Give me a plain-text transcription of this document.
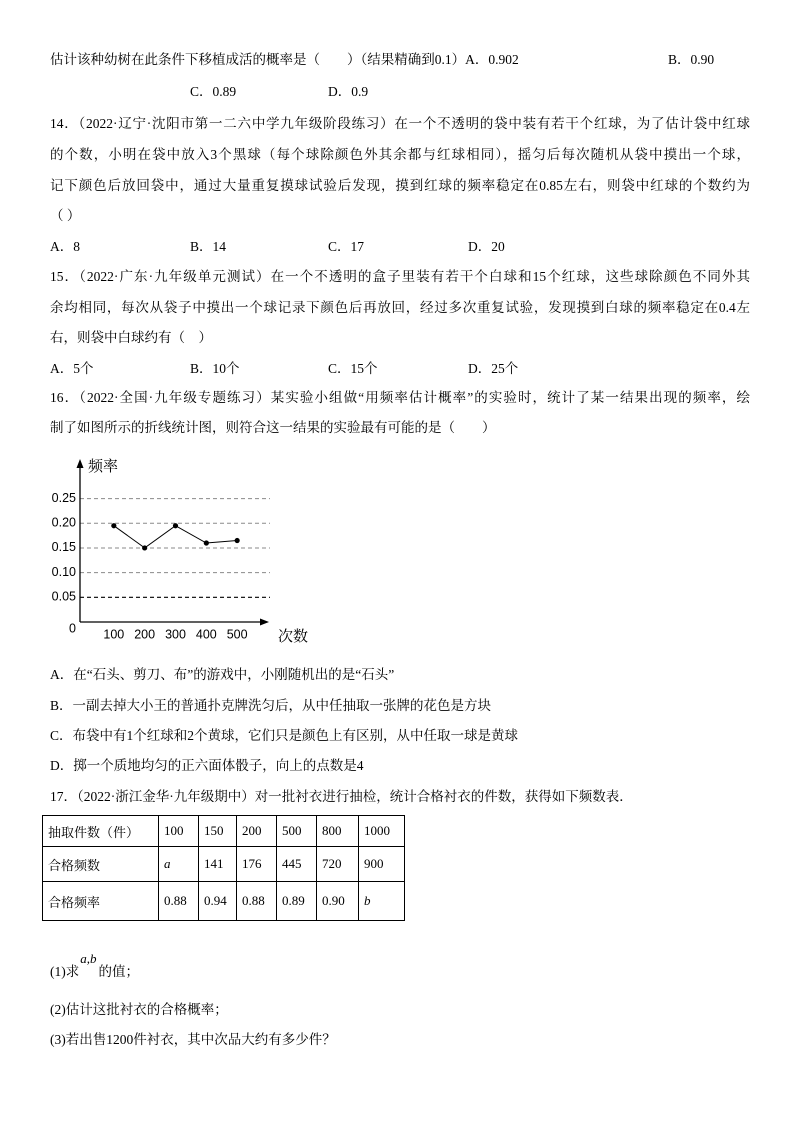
估计该种幼树在此条件下移植成活的概率是（　　）（结果精确到0.1）A．0.902	B．0.90
C．0.89	D．0.9
14．（2022·辽宁·沈阳市第一二六中学九年级阶段练习）在一个不透明的袋中装有若干个红球，为了估计袋中红球
的个数，小明在袋中放入3个黑球（每个球除颜色外其余都与红球相同），摇匀后每次随机从袋中摸出一个球，
记下颜色后放回袋中，通过大量重复摸球试验后发现，摸到红球的频率稳定在0.85左右，则袋中红球的个数约为
（ ）
A．8	B．14	C．17	D．20
15．（2022·广东·九年级单元测试）在一个不透明的盒子里装有若干个白球和15个红球，这些球除颜色不同外其
余均相同，每次从袋子中摸出一个球记录下颜色后再放回，经过多次重复试验，发现摸到白球的频率稳定在0.4左
右，则袋中白球约有（　）
A．5个	B．10个	C．15个	D．25个
16．（2022·全国·九年级专题练习）某实验小组做“用频率估计概率”的实验时，统计了某一结果出现的频率，绘
制了如图所示的折线统计图，则符合这一结果的实验最有可能的是（　　）
0
0.05
0.10
0.15
0.20
0.25
100 200 300 400 500
频率
次数
A．在“石头、剪刀、布”的游戏中，小刚随机出的是“石头”
B．一副去掉大小王的普通扑克牌洗匀后，从中任抽取一张牌的花色是方块
C．布袋中有1个红球和2个黄球，它们只是颜色上有区别，从中任取一球是黄球
D．掷一个质地均匀的正六面体骰子，向上的点数是4
17．（2022·浙江金华·九年级期中）对一批衬衣进行抽检，统计合格衬衣的件数，获得如下频数表．
抽取件数（件）	100	150	200	500	800	1000
合格频数	a	141	176	445	720	900
合格频率	0.88	0.94	0.88	0.89	0.90	b
(1)求a,b的值；
(2)估计这批衬衣的合格概率；
(3)若出售1200件衬衣，其中次品大约有多少件？
